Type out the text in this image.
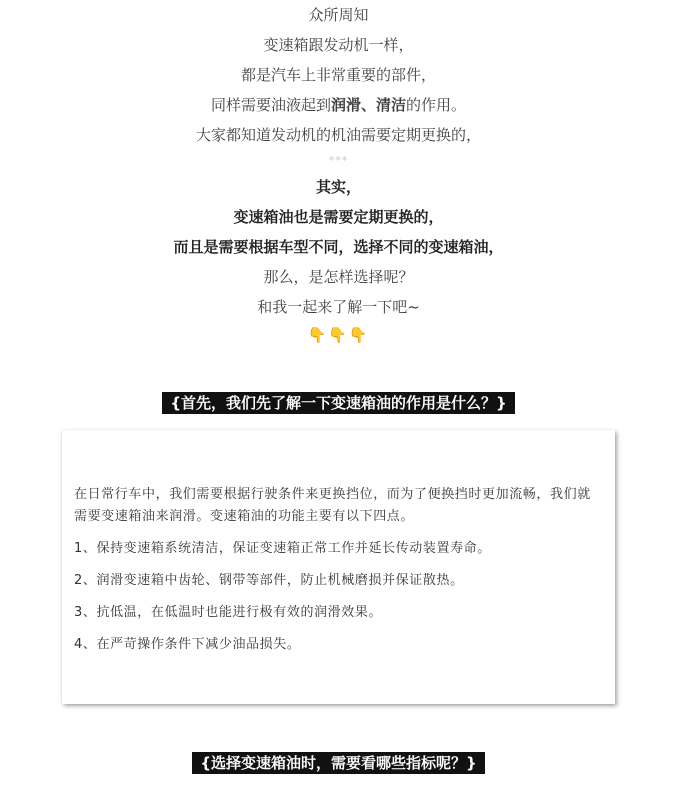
众所周知
变速箱跟发动机一样，
都是汽车上非常重要的部件，
同样需要油液起到润滑、清洁的作用。
大家都知道发动机的机油需要定期更换的，
***
其实，
变速箱油也是需要定期更换的，
而且是需要根据车型不同，选择不同的变速箱油，
那么，是怎样选择呢？
和我一起来了解一下吧~
👇👇👇
{首先，我们先了解一下变速箱油的作用是什么？}
在日常行车中，我们需要根据行驶条件来更换挡位，而为了便换挡时更加流畅，我们就需要变速箱油来润滑。变速箱油的功能主要有以下四点。
1、保持变速箱系统清洁，保证变速箱正常工作并延长传动装置寿命。
2、润滑变速箱中齿轮、钢带等部件，防止机械磨损并保证散热。
3、抗低温，在低温时也能进行极有效的润滑效果。
4、在严苛操作条件下减少油品损失。
{选择变速箱油时，需要看哪些指标呢？}
